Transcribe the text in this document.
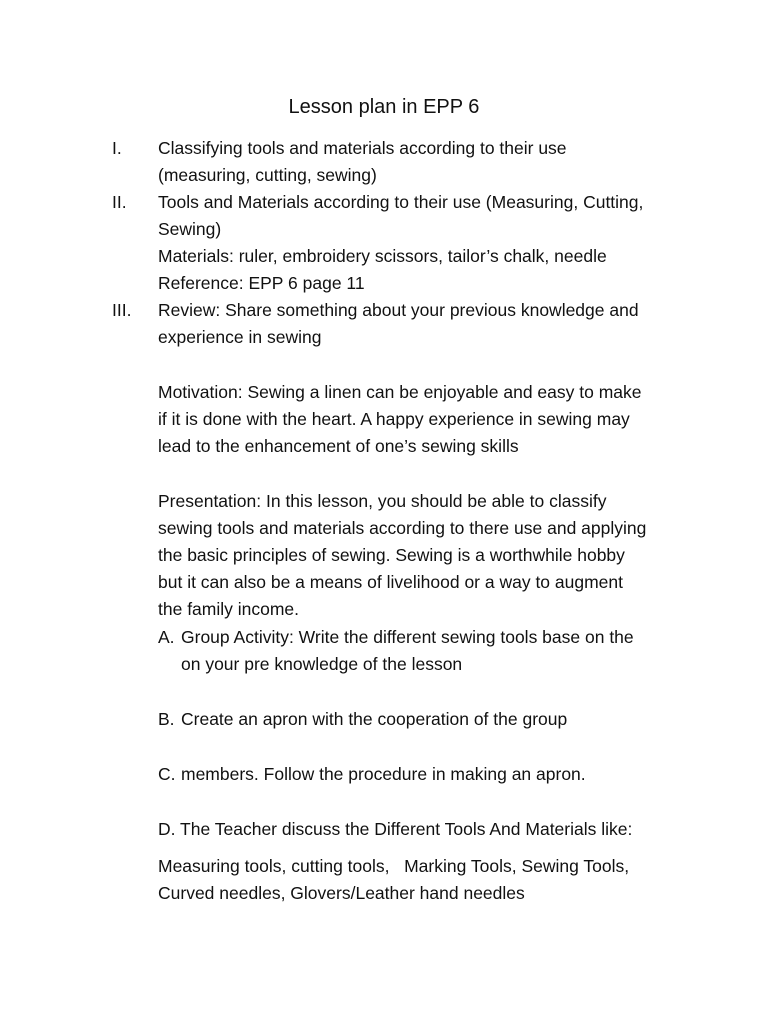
Lesson plan in EPP 6
I.	Classifying tools and materials according to their use
(measuring, cutting, sewing)
II.	Tools and Materials according to their use (Measuring, Cutting,
Sewing)
Materials: ruler, embroidery scissors, tailor’s chalk, needle
Reference: EPP 6 page 11
III.	Review: Share something about your previous knowledge and
experience in sewing
Motivation: Sewing a linen can be enjoyable and easy to make
if it is done with the heart. A happy experience in sewing may
lead to the enhancement of one’s sewing skills
Presentation: In this lesson, you should be able to classify
sewing tools and materials according to there use and applying
the basic principles of sewing. Sewing is a worthwhile hobby
but it can also be a means of livelihood or a way to augment
the family income.
A. Group Activity: Write the different sewing tools base on the
on your pre knowledge of the lesson
B. Create an apron with the cooperation of the group
C. members. Follow the procedure in making an apron.
D. The Teacher discuss the Different Tools And Materials like:
Measuring tools, cutting tools,   Marking Tools, Sewing Tools,
Curved needles, Glovers/Leather hand needles
